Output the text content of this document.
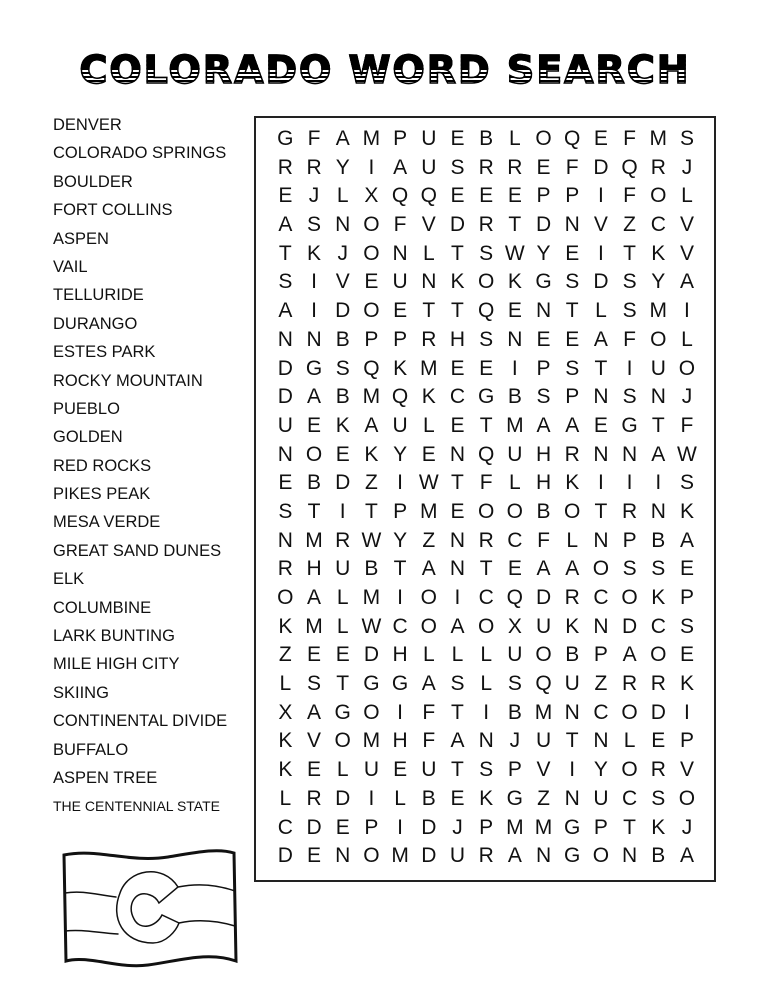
COLORADO WORD SEARCH
DENVER
COLORADO SPRINGS
BOULDER
FORT COLLINS
ASPEN
VAIL
TELLURIDE
DURANGO
ESTES PARK
ROCKY MOUNTAIN
PUEBLO
GOLDEN
RED ROCKS
PIKES PEAK
MESA VERDE
GREAT SAND DUNES
ELK
COLUMBINE
LARK BUNTING
MILE HIGH CITY
SKIING
CONTINENTAL DIVIDE
BUFFALO
ASPEN TREE
THE CENTENNIAL STATE
G F A M P U E B L O Q E F M S
R R Y I A U S R R E F D Q R J
E J L X Q Q E E E P P I F O L
A S N O F V D R T D N V Z C V
T K J O N L T S W Y E I T K V
S I V E U N K O K G S D S Y A
A I D O E T T Q E N T L S M I
N N B P P R H S N E E A F O L
D G S Q K M E E I P S T I U O
D A B M Q K C G B S P N S N J
U E K A U L E T M A A E G T F
N O E K Y E N Q U H R N N A W
E B D Z I W T F L H K I	I	I S
S T I T P M E O O B O T R N K
N M R W Y Z N R C F L N P B A
R H U B T A N T E A A O S S E
O A L M I O I C Q D R C O K P
K M L W C O A O X U K N D C S
Z E E D H L L L U O B P A O E
L S T G G A S L S Q U Z R R K
X A G O I F T I B M N C O D I
K V O M H F A N J U T N L E P
K E L U E U T S P V I Y O R V
L R D I L B E K G Z N U C S O
C D E P I D J P M M G P T K J
D E N O M D U R A N G O N B A
